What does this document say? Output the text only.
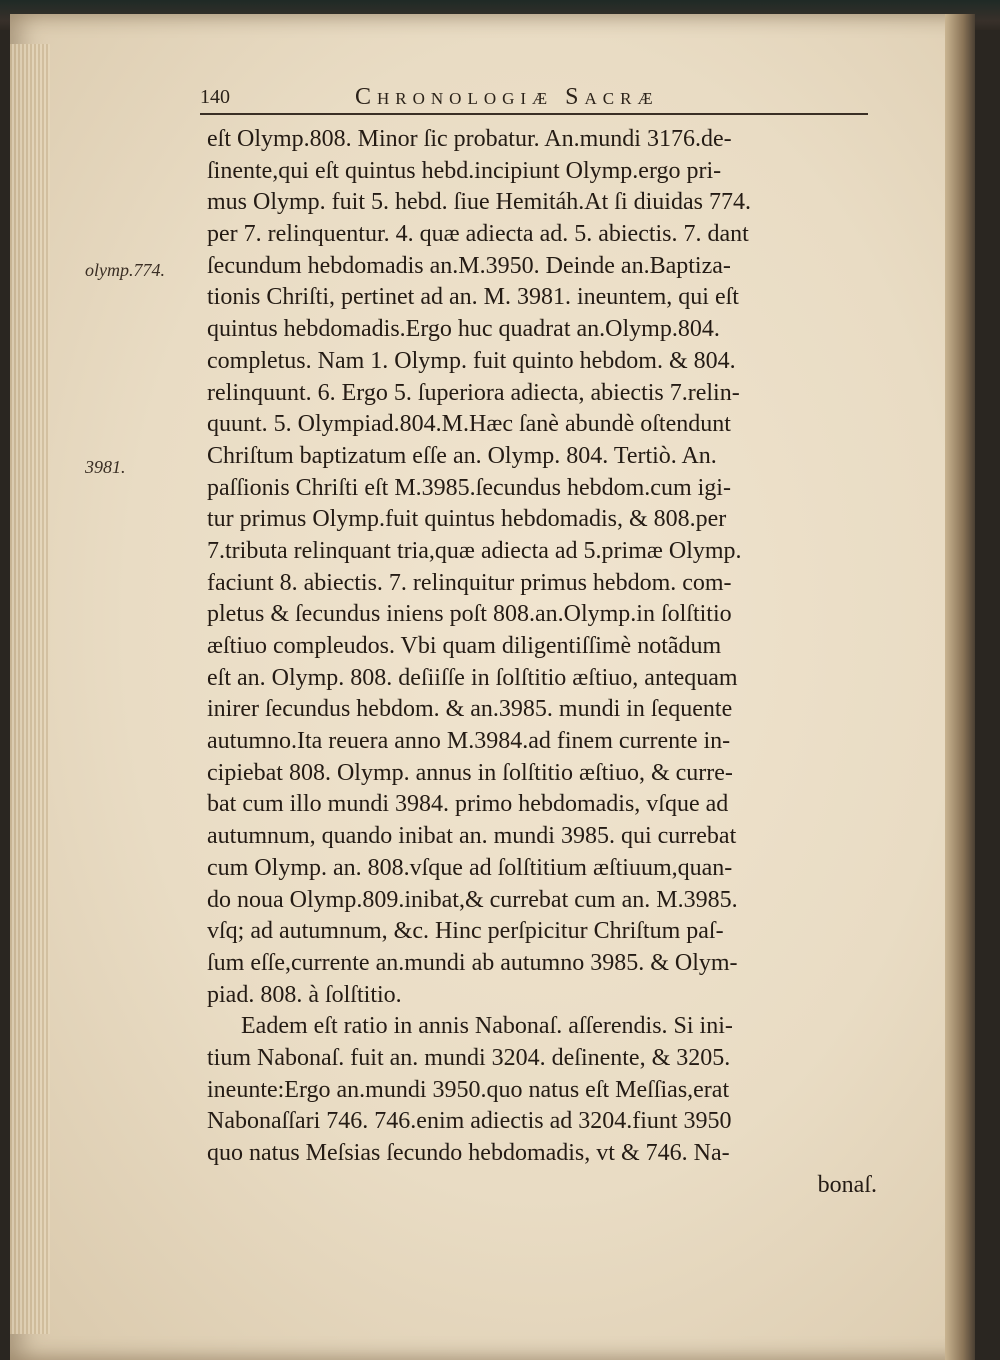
140	Chronologiæ Sacræ
olymp.774.
3981.
eſt Olymp.808. Minor ſic probatur. An.mundi 3176.de-
ſinente,qui eſt quintus hebd.incipiunt Olymp.ergo pri-
mus Olymp. fuit 5. hebd. ſiue Hemitáh.At ſi diuidas 774.
per 7. relinquentur. 4. quæ adiecta ad. 5. abiectis. 7. dant
ſecundum hebdomadis an.M.3950. Deinde an.Baptiza-
tionis Chriſti, pertinet ad an. M. 3981. ineuntem, qui eſt
quintus hebdomadis.Ergo huc quadrat an.Olymp.804.
completus. Nam 1. Olymp. fuit quinto hebdom. & 804.
relinquunt. 6. Ergo 5. ſuperiora adiecta, abiectis 7.relin-
quunt. 5. Olympiad.804.M.Hæc ſanè abundè oſtendunt
Chriſtum baptizatum eſſe an. Olymp. 804. Tertiò. An.
paſſionis Chriſti eſt M.3985.ſecundus hebdom.cum igi-
tur primus Olymp.fuit quintus hebdomadis, & 808.per
7.tributa relinquant tria,quæ adiecta ad 5.primæ Olymp.
faciunt 8. abiectis. 7. relinquitur primus hebdom. com-
pletus & ſecundus iniens poſt 808.an.Olymp.in ſolſtitio
æſtiuo compleudos. Vbi quam diligentiſſimè notãdum
eſt an. Olymp. 808. deſiiſſe in ſolſtitio æſtiuo, antequam
inirer ſecundus hebdom. & an.3985. mundi in ſequente
autumno.Ita reuera anno M.3984.ad finem currente in-
cipiebat 808. Olymp. annus in ſolſtitio æſtiuo, & curre-
bat cum illo mundi 3984. primo hebdomadis, vſque ad
autumnum, quando inibat an. mundi 3985. qui currebat
cum Olymp. an. 808.vſque ad ſolſtitium æſtiuum,quan-
do noua Olymp.809.inibat,& currebat cum an. M.3985.
vſq; ad autumnum, &c. Hinc perſpicitur Chriſtum paſ-
ſum eſſe,currente an.mundi ab autumno 3985. & Olym-
piad. 808. à ſolſtitio.
Eadem eſt ratio in annis Nabonaſ. aſſerendis. Si ini-
tium Nabonaſ. fuit an. mundi 3204. deſinente, & 3205.
ineunte:Ergo an.mundi 3950.quo natus eſt Meſſias,erat
Nabonaſſari 746. 746.enim adiectis ad 3204.fiunt 3950
quo natus Meſsias ſecundo hebdomadis, vt & 746. Na-
bonaſ.
